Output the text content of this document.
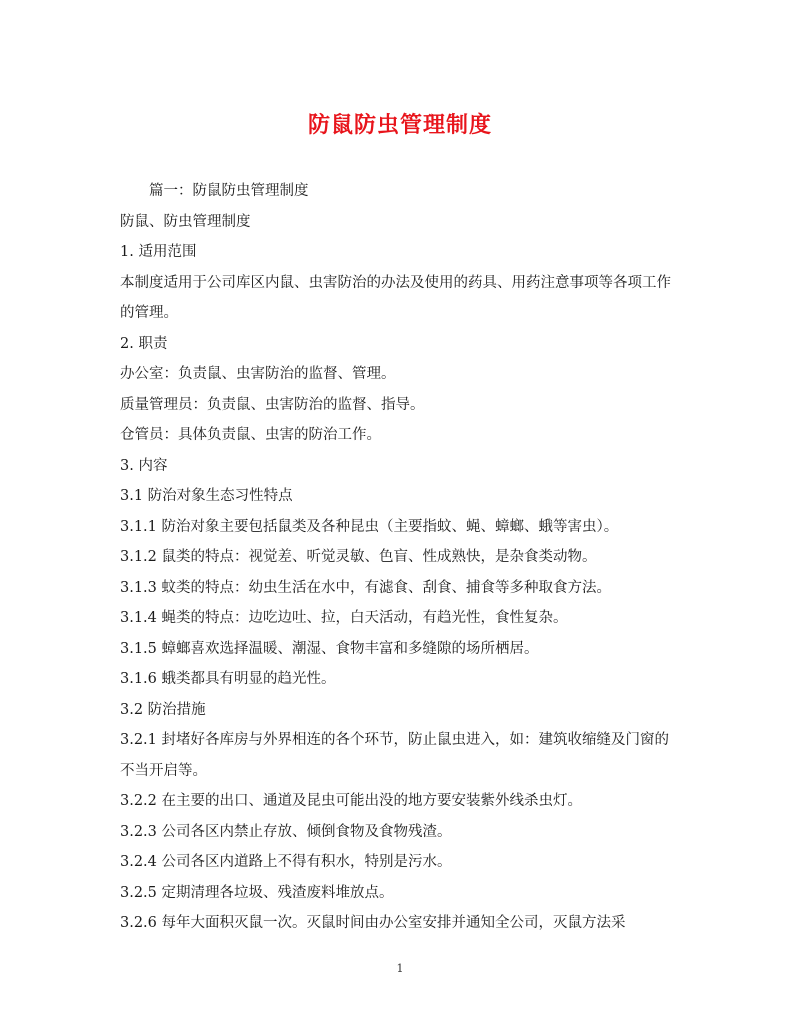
防鼠防虫管理制度

篇一：防鼠防虫管理制度

防鼠、防虫管理制度

1. 适用范围

本制度适用于公司库区内鼠、虫害防治的办法及使用的药具、用药注意事项等各项工作的管理。

2. 职责

办公室：负责鼠、虫害防治的监督、管理。

质量管理员：负责鼠、虫害防治的监督、指导。

仓管员：具体负责鼠、虫害的防治工作。

3. 内容

3.1 防治对象生态习性特点

3.1.1 防治对象主要包括鼠类及各种昆虫（主要指蚊、蝇、蟑螂、蛾等害虫）。

3.1.2 鼠类的特点：视觉差、听觉灵敏、色盲、性成熟快，是杂食类动物。

3.1.3 蚊类的特点：幼虫生活在水中，有滤食、刮食、捕食等多种取食方法。

3.1.4 蝇类的特点：边吃边吐、拉，白天活动，有趋光性，食性复杂。

3.1.5 蟑螂喜欢选择温暖、潮湿、食物丰富和多缝隙的场所栖居。

3.1.6 蛾类都具有明显的趋光性。

3.2 防治措施

3.2.1 封堵好各库房与外界相连的各个环节，防止鼠虫进入，如：建筑收缩缝及门窗的不当开启等。

3.2.2 在主要的出口、通道及昆虫可能出没的地方要安装紫外线杀虫灯。

3.2.3 公司各区内禁止存放、倾倒食物及食物残渣。

3.2.4 公司各区内道路上不得有积水，特别是污水。

3.2.5 定期清理各垃圾、残渣废料堆放点。

3.2.6 每年大面积灭鼠一次。灭鼠时间由办公室安排并通知全公司，灭鼠方法采

1
